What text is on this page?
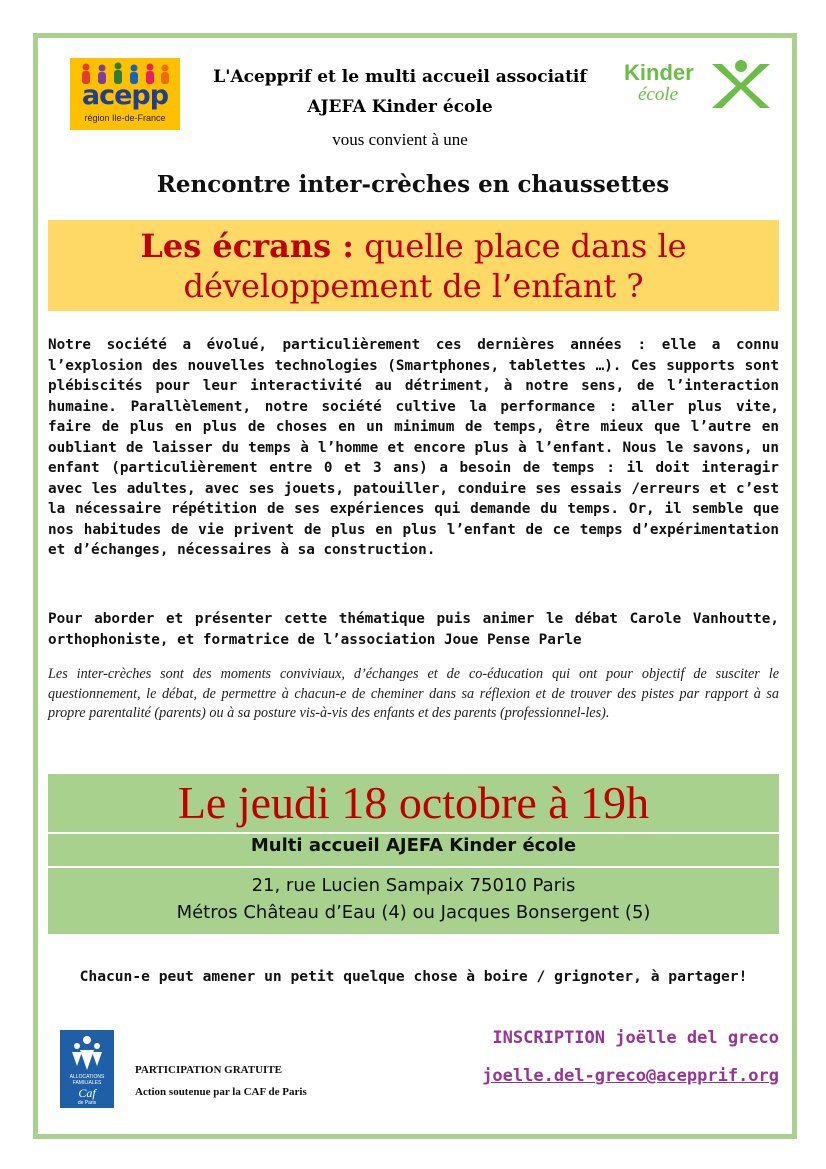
acepp
région Ile-de-France
Kinder
école
L'Acepprif et le multi accueil associatif
AJEFA Kinder école
vous convient à une
Rencontre inter-crèches en chaussettes
Les écrans : quelle place dans le
développement de l’enfant ?
Notre société a évolué, particulièrement ces dernières années : elle a connu l’explosion des nouvelles technologies (Smartphones, tablettes …). Ces supports sont plébiscités pour leur interactivité au détriment, à notre sens, de l’interaction humaine. Parallèlement, notre société cultive la performance : aller plus vite, faire de plus en plus de choses en un minimum de temps, être mieux que l’autre en oubliant de laisser du temps à l’homme et encore plus à l’enfant. Nous le savons, un enfant (particulièrement entre 0 et 3 ans) a besoin de temps : il doit interagir avec les adultes, avec ses jouets, patouiller, conduire ses essais /erreurs et c’est la nécessaire répétition de ses expériences qui demande du temps. Or, il semble que nos habitudes de vie privent de plus en plus l’enfant de ce temps d’expérimentation et d’échanges, nécessaires à sa construction.
Pour aborder et présenter cette thématique puis animer le débat Carole Vanhoutte, orthophoniste, et formatrice de l’association Joue Pense Parle
Les inter-crèches sont des moments conviviaux, d’échanges et de co-éducation qui ont pour objectif de susciter le questionnement, le débat, de permettre à chacun-e de cheminer dans sa réflexion et de trouver des pistes par rapport à sa propre parentalité (parents) ou à sa posture vis-à-vis des enfants et des parents (professionnel-les).
Le jeudi 18 octobre à 19h
Multi accueil AJEFA Kinder école
21, rue Lucien Sampaix 75010 Paris
Métros Château d’Eau (4) ou Jacques Bonsergent (5)
Chacun-e peut amener un petit quelque chose à boire / grignoter, à partager!
ALLOCATIONS FAMILIALES
Caf
de Paris
PARTICIPATION GRATUITE
Action soutenue par la CAF de Paris
INSCRIPTION joëlle del greco
joelle.del-greco@acepprif.org
